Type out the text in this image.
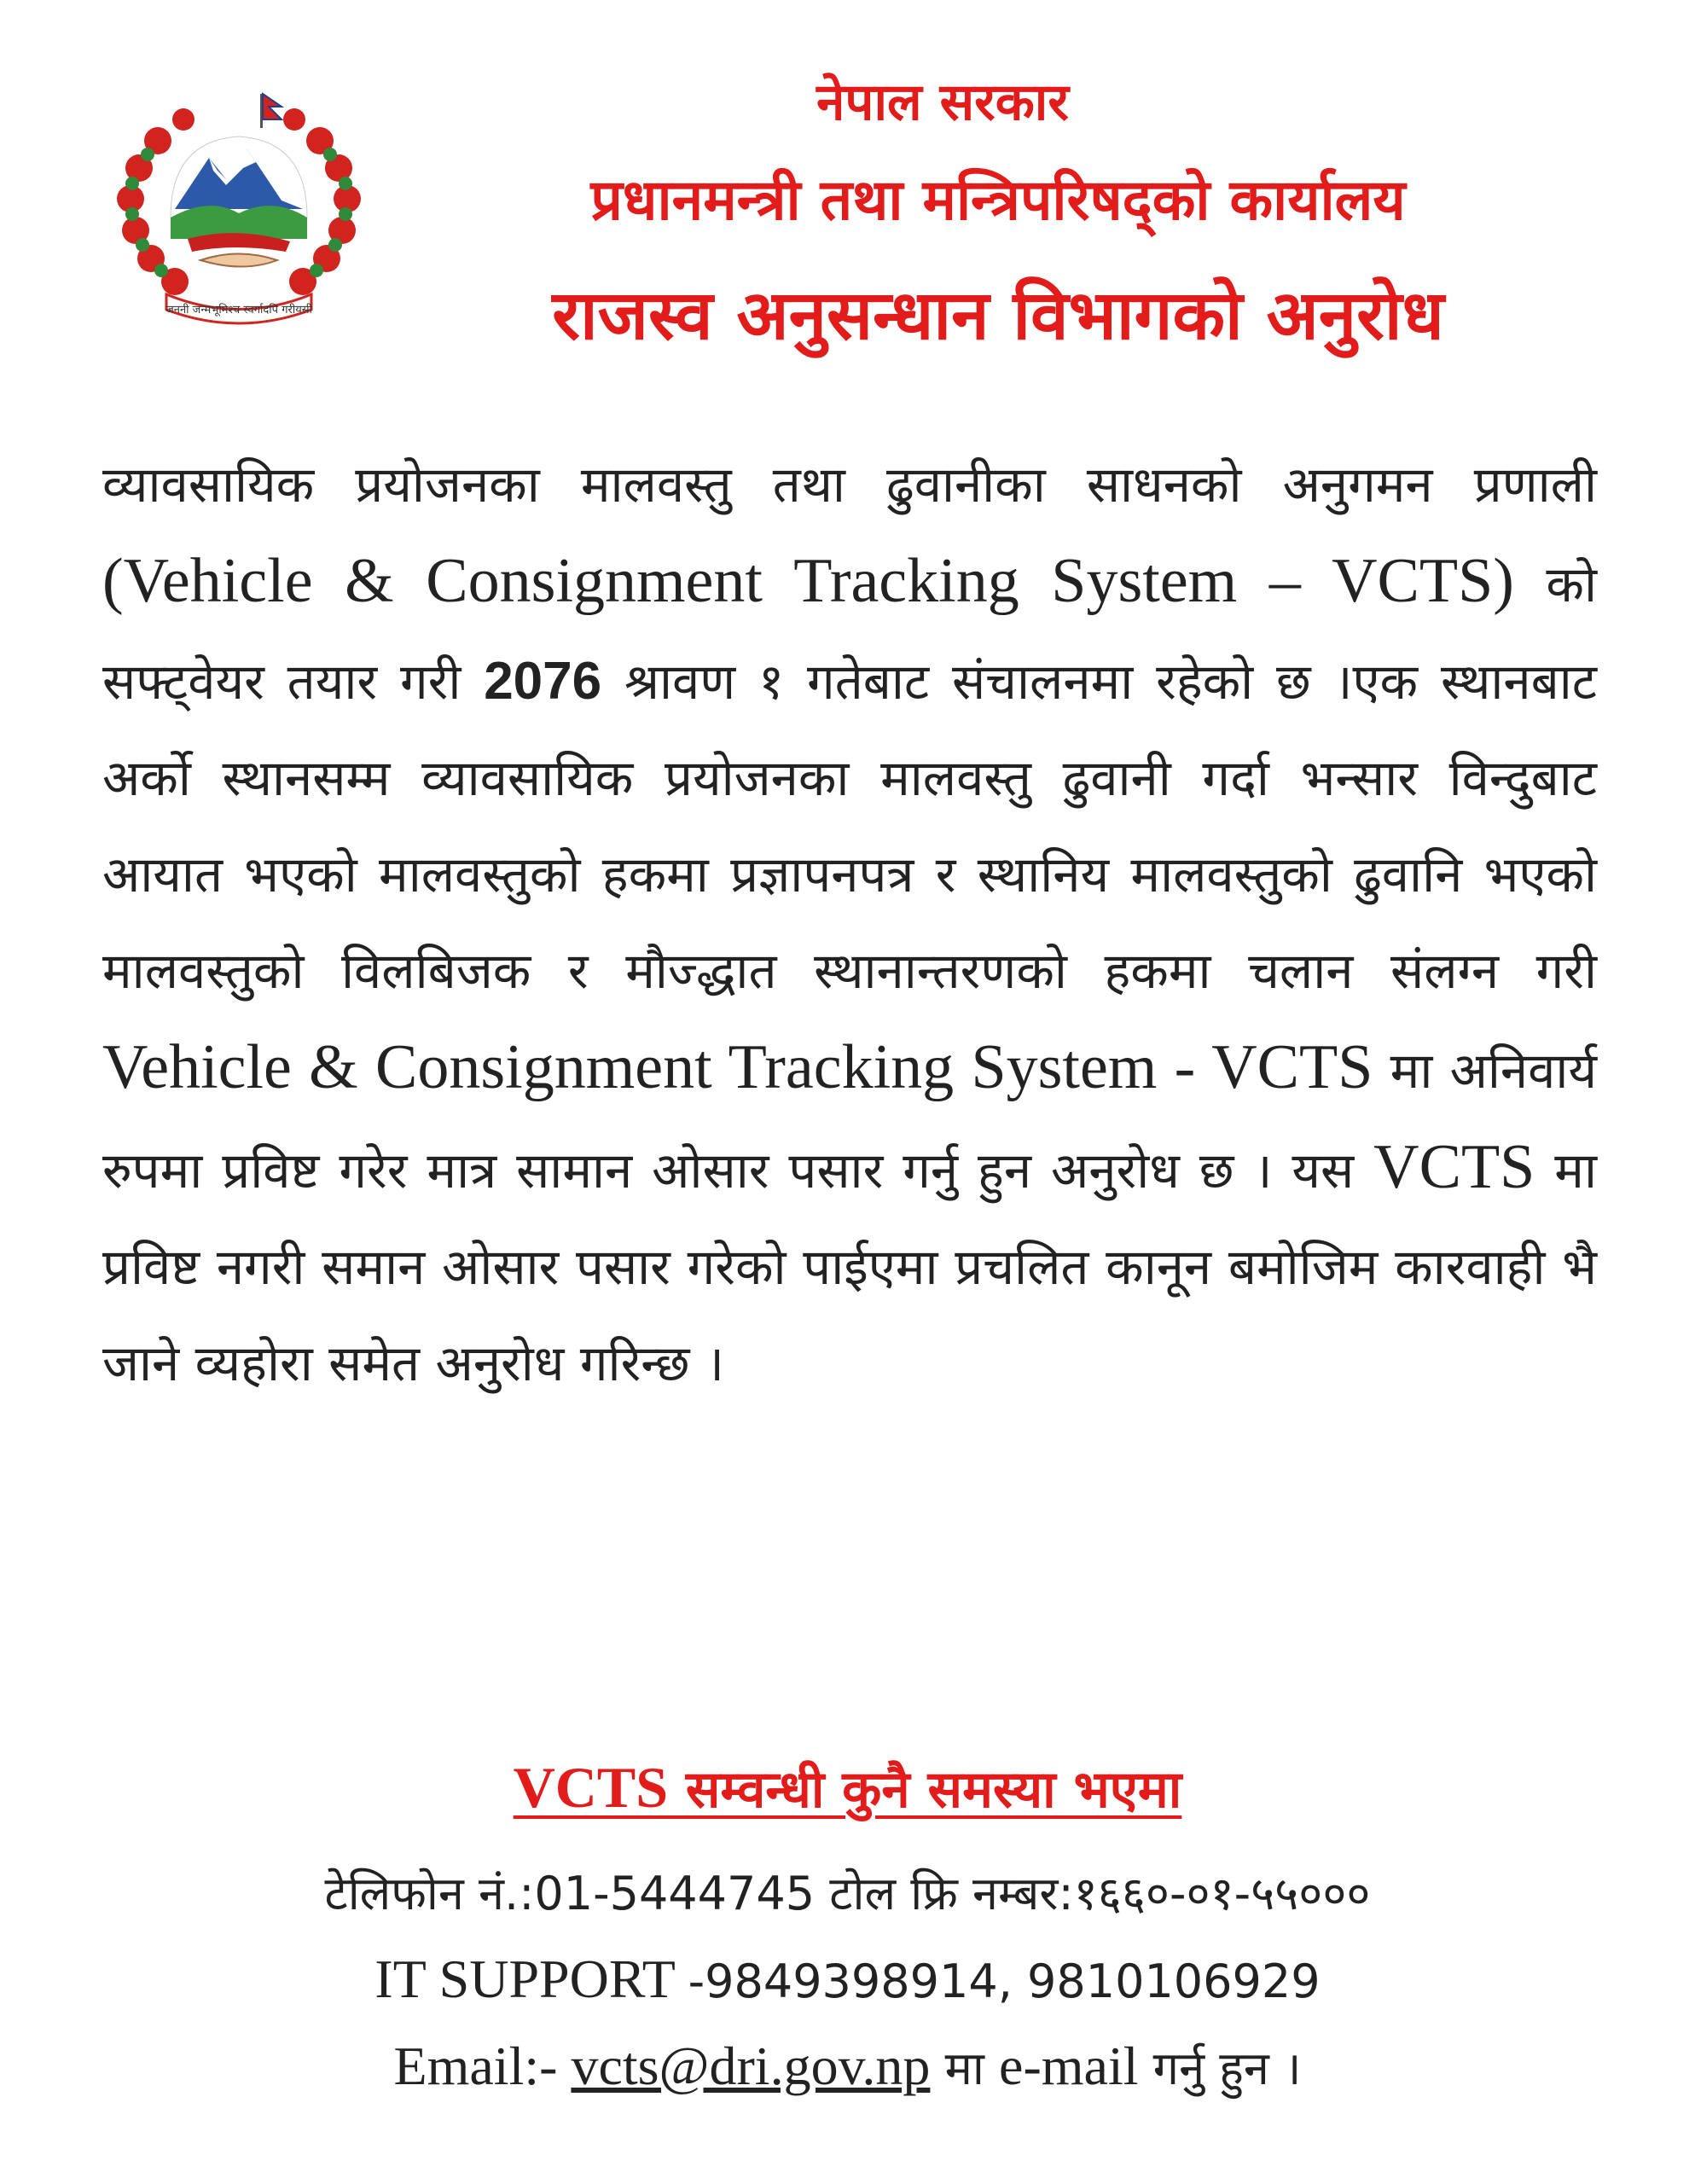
जननी जन्मभूमिश्च स्वर्गादपि गरीयसी
नेपाल सरकार
प्रधानमन्त्री तथा मन्त्रिपरिषद्को कार्यालय
राजस्व अनुसन्धान विभागको अनुरोध
व्यावसायिक प्रयोजनका मालवस्तु तथा ढुवानीका साधनको अनुगमन प्रणाली (Vehicle & Consignment Tracking System – VCTS) को सफ्ट्वेयर तयार गरी 2076 श्रावण १ गतेबाट संचालनमा रहेको छ ।एक स्थानबाट अर्को स्थानसम्म व्यावसायिक प्रयोजनका मालवस्तु ढुवानी गर्दा भन्सार विन्दुबाट आयात भएको मालवस्तुको हकमा प्रज्ञापनपत्र र स्थानिय मालवस्तुको ढुवानि भएको मालवस्तुको विलबिजक र मौज्द्धात स्थानान्तरणको हकमा चलान संलग्न गरी Vehicle & Consignment Tracking System - VCTS मा अनिवार्य रुपमा प्रविष्ट गरेर मात्र सामान ओसार पसार गर्नु हुन अनुरोध छ । यस VCTS मा प्रविष्ट नगरी समान ओसार पसार गरेको पाईएमा प्रचलित कानून बमोजिम कारवाही भै जाने व्यहोरा समेत अनुरोध गरिन्छ ।
VCTS सम्वन्धी कुनै समस्या भएमा
टेलिफोन नं.:01-5444745 टोल फ्रि नम्बर:१६६०-०१-५५०००
IT SUPPORT -9849398914, 9810106929
Email:- vcts@dri.gov.np मा e-mail गर्नु हुन ।
